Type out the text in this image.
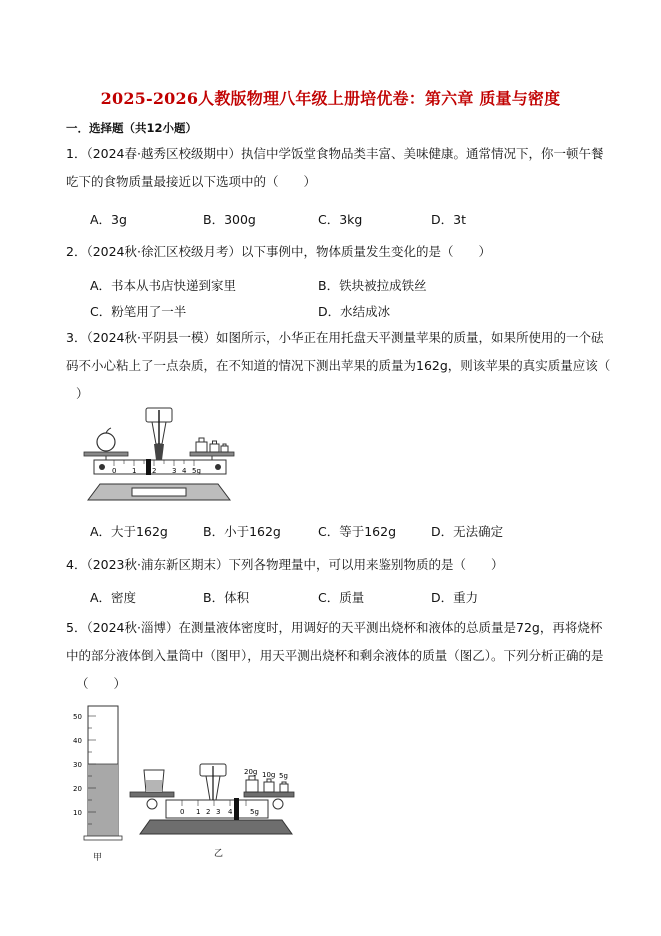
2025-2026人教版物理八年级上册培优卷：第六章 质量与密度
一．选择题（共12小题）
1．（2024春·越秀区校级期中）执信中学饭堂食物品类丰富、美味健康。通常情况下，你一顿午餐
吃下的食物质量最接近以下选项中的（　　）
A．3g	B．300g	C．3kg	D．3t
2．（2024秋·徐汇区校级月考）以下事例中，物体质量发生变化的是（　　）
A．书本从书店快递到家里	B．铁块被拉成铁丝
C．粉笔用了一半	D．水结成冰
3．（2024秋·平阴县一模）如图所示，小华正在用托盘天平测量苹果的质量，如果所使用的一个砝
码不小心粘上了一点杂质，在不知道的情况下测出苹果的质量为162g，则该苹果的真实质量应该（
）
0 1 2 3 4 5g
A．大于162g	B．小于162g	C．等于162g	D．无法确定
4．（2023秋·浦东新区期末）下列各物理量中，可以用来鉴别物质的是（　　）
A．密度	B．体积	C．质量	D．重力
5．（2024秋·淄博）在测量液体密度时，用调好的天平测出烧杯和液体的总质量是72g，再将烧杯
中的部分液体倒入量筒中（图甲），用天平测出烧杯和剩余液体的质量（图乙）。下列分析正确的是
（　　）
50
40
30
20
10
甲
0 1 2 3 4	5g
20g 10g 5g
乙
